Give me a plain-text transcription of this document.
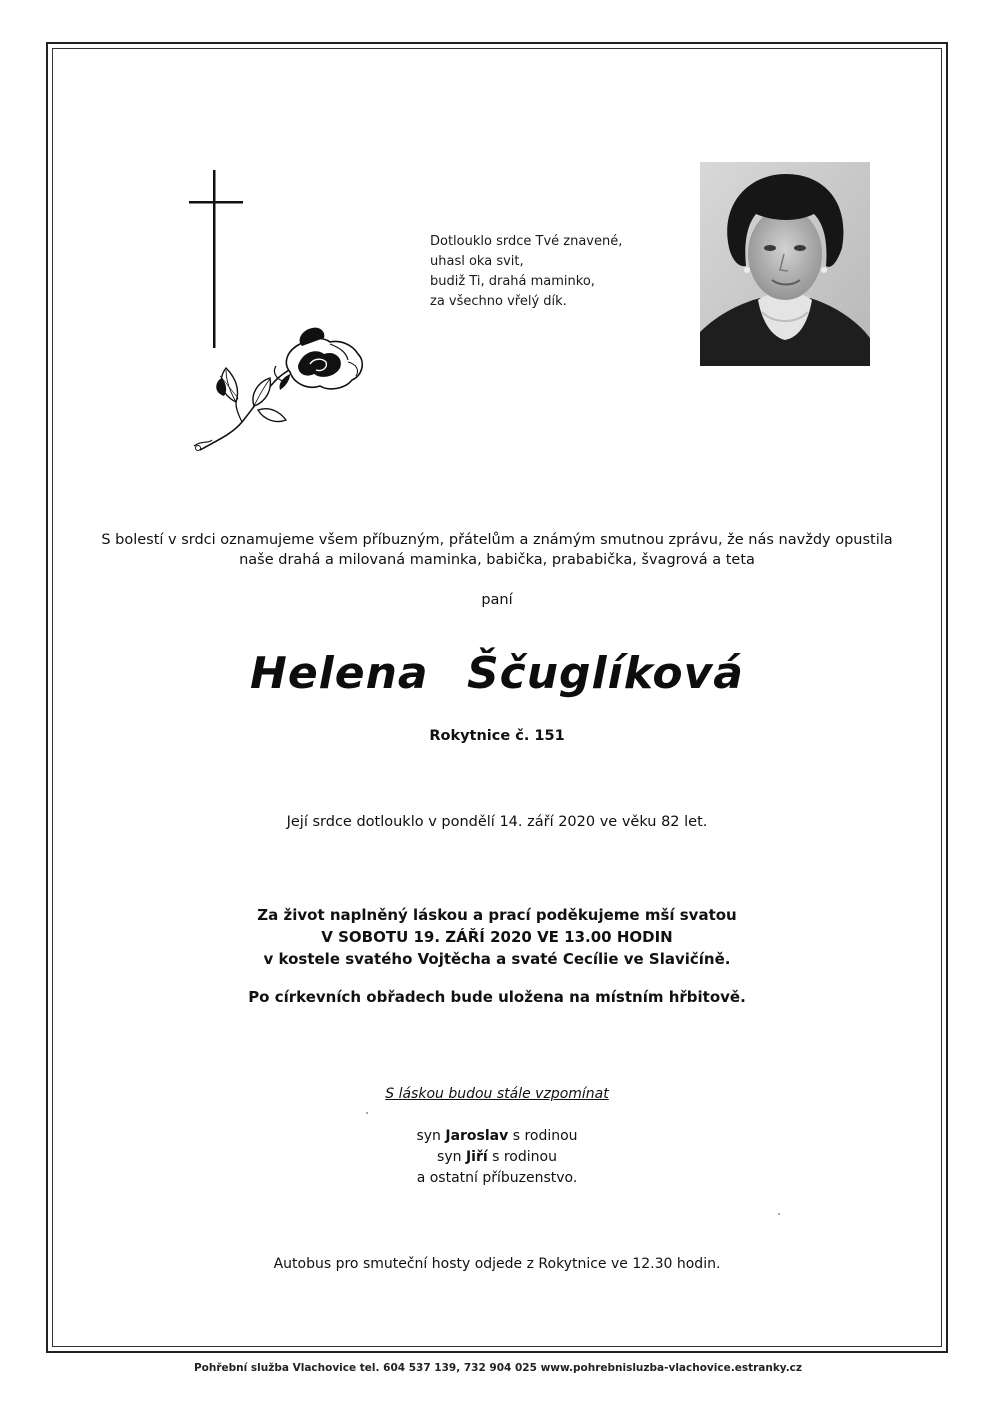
Dotlouklo srdce Tvé znavené,
uhasl oka svit,
budiž Ti, drahá maminko,
za všechno vřelý dík.
S bolestí v srdci oznamujeme všem příbuzným, přátelům a známým smutnou zprávu, že nás navždy opustila
naše drahá a milovaná maminka, babička, prababička, švagrová a teta
paní
Helena Ščuglíková
Rokytnice č. 151
Její srdce dotlouklo v pondělí 14. září 2020 ve věku 82 let.
Za život naplněný láskou a prací poděkujeme mší svatou
V SOBOTU 19. ZÁŘÍ 2020 VE 13.00 HODIN
v kostele svatého Vojtěcha a svaté Cecílie ve Slavičíně.
Po církevních obřadech bude uložena na místním hřbitově.
S láskou budou stále vzpomínat
syn Jaroslav s rodinou
syn Jiří s rodinou
a ostatní příbuzenstvo.
Autobus pro smuteční hosty odjede z Rokytnice ve 12.30 hodin.
Pohřební služba Vlachovice tel. 604 537 139, 732 904 025 www.pohrebnisluzba-vlachovice.estranky.cz
